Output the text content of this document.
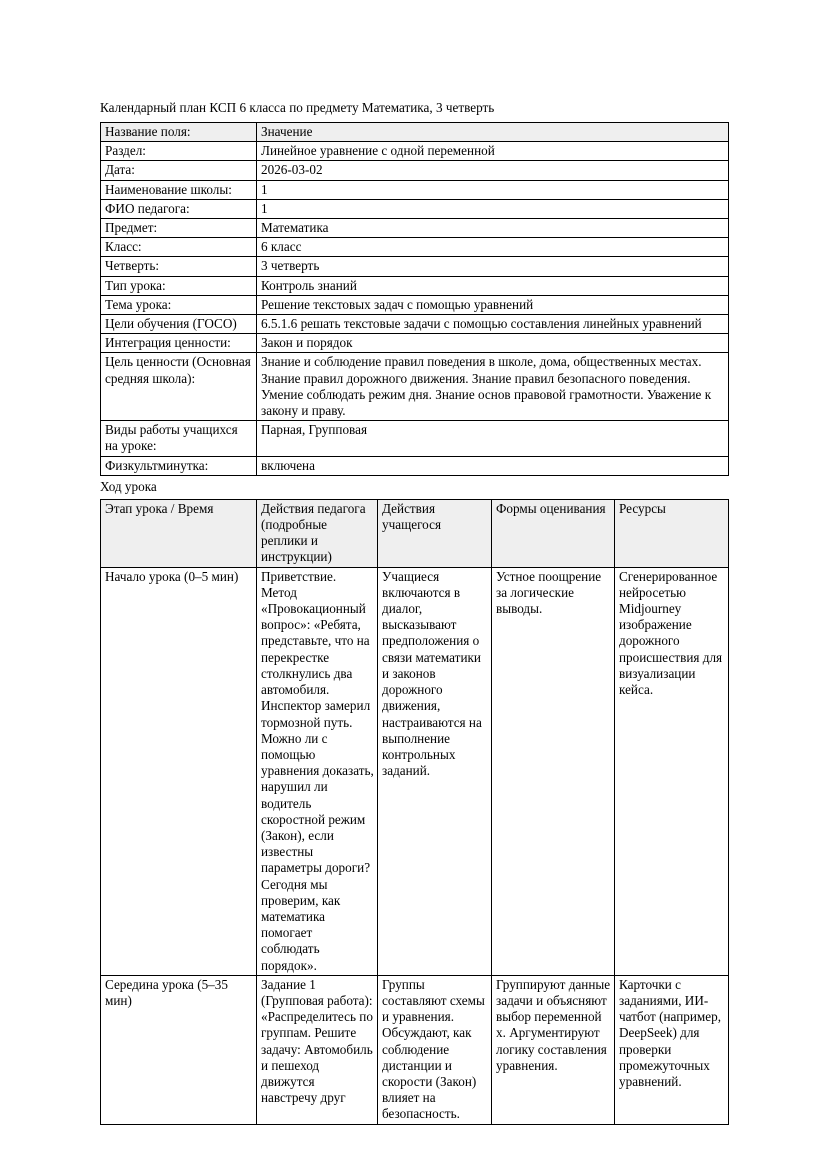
Календарный план КСП 6 класса по предмету Математика, 3 четверть
Название поля:	Значение
Раздел:	Линейное уравнение с одной переменной
Дата:	2026-03-02
Наименование школы:	1
ФИО педагога:	1
Предмет:	Математика
Класс:	6 класс
Четверть:	3 четверть
Тип урока:	Контроль знаний
Тема урока:	Решение текстовых задач с помощью уравнений
Цели обучения (ГОСО)	6.5.1.6 решать текстовые задачи с помощью составления линейных уравнений
Интеграция ценности:	Закон и порядок
Цель ценности (Основная средняя школа):	Знание и соблюдение правил поведения в школе, дома, общественных местах. Знание правил дорожного движения. Знание правил безопасного поведения. Умение соблюдать режим дня. Знание основ правовой грамотности. Уважение к закону и праву.
Виды работы учащихся на уроке:	Парная, Групповая
Физкультминутка:	включена
Ход урока
Этап урока / Время	Действия педагога (подробные реплики и инструкции)	Действия учащегося	Формы оценивания	Ресурсы
Начало урока (0–5 мин)	Приветствие. Метод «Провокационный вопрос»: «Ребята, представьте, что на перекрестке столкнулись два автомобиля. Инспектор замерил тормозной путь. Можно ли с помощью уравнения доказать, нарушил ли водитель скоростной режим (Закон), если известны параметры дороги? Сегодня мы проверим, как математика помогает соблюдать порядок».	Учащиеся включаются в диалог, высказывают предположения о связи математики и законов дорожного движения, настраиваются на выполнение контрольных заданий.	Устное поощрение за логические выводы.	Сгенерированное нейросетью Midjourney изображение дорожного происшествия для визуализации кейса.
Середина урока (5–35 мин)	Задание 1 (Групповая работа): «Распределитесь по группам. Решите задачу: Автомобиль и пешеход движутся навстречу друг	Группы составляют схемы и уравнения. Обсуждают, как соблюдение дистанции и скорости (Закон) влияет на безопасность.	Группируют данные задачи и объясняют выбор переменной х. Аргументируют логику составления уравнения.	Карточки с заданиями, ИИ-чатбот (например, DeepSeek) для проверки промежуточных уравнений.
